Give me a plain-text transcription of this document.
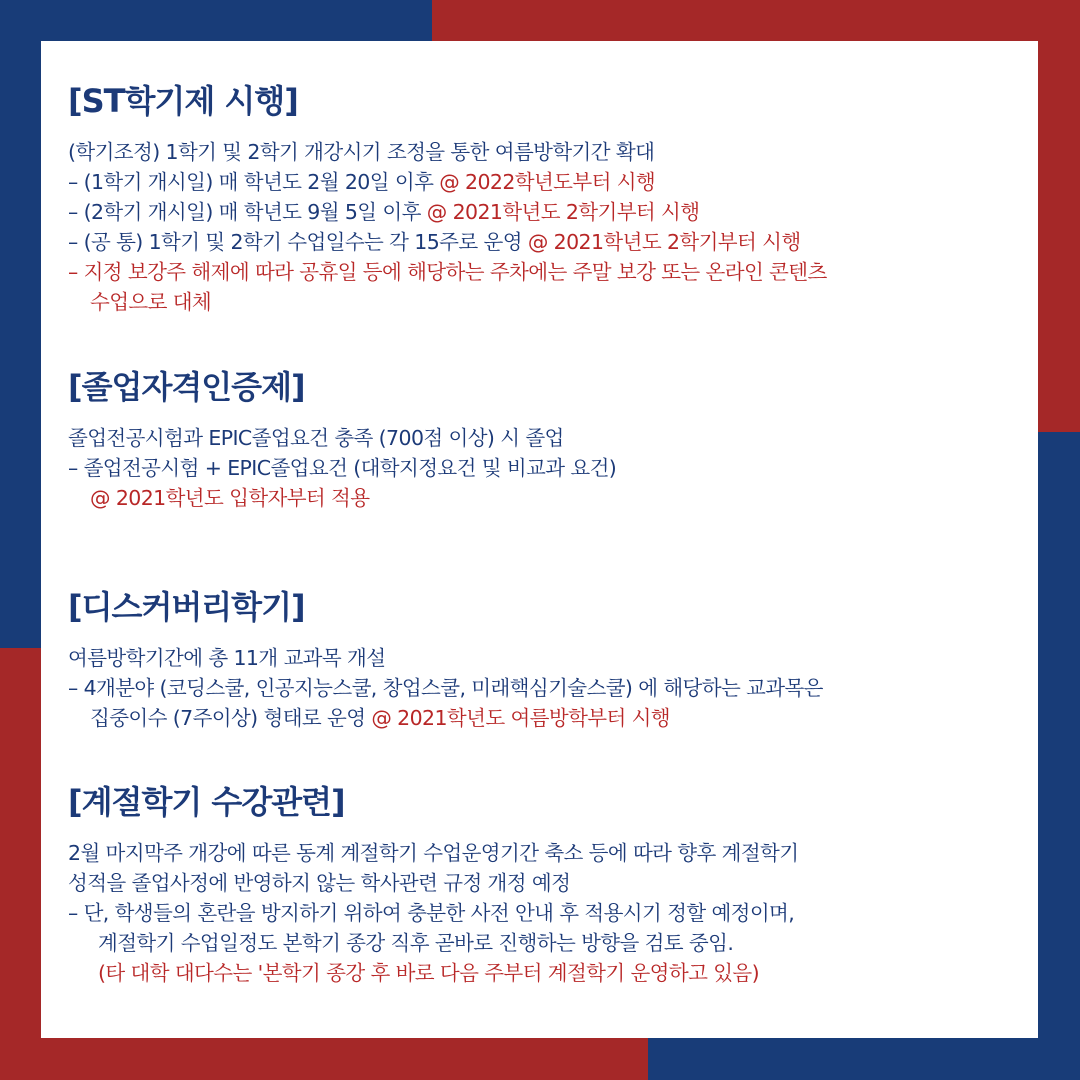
[ST학기제 시행]
(학기조정) 1학기 및 2학기 개강시기 조정을 통한 여름방학기간 확대
– (1학기 개시일) 매 학년도 2월 20일 이후 @ 2022학년도부터 시행
– (2학기 개시일) 매 학년도 9월 5일 이후 @ 2021학년도 2학기부터 시행
– (공 통) 1학기 및 2학기 수업일수는 각 15주로 운영 @ 2021학년도 2학기부터 시행
– 지정 보강주 해제에 따라 공휴일 등에 해당하는 주차에는 주말 보강 또는 온라인 콘텐츠
수업으로 대체
[졸업자격인증제]
졸업전공시험과 EPIC졸업요건 충족 (700점 이상) 시 졸업
– 졸업전공시험 + EPIC졸업요건 (대학지정요건 및 비교과 요건)
@ 2021학년도 입학자부터 적용
[디스커버리학기]
여름방학기간에 총 11개 교과목 개설
– 4개분야 (코딩스쿨, 인공지능스쿨, 창업스쿨, 미래핵심기술스쿨) 에 해당하는 교과목은
집중이수 (7주이상) 형태로 운영 @ 2021학년도 여름방학부터 시행
[계절학기 수강관련]
2월 마지막주 개강에 따른 동계 계절학기 수업운영기간 축소 등에 따라 향후 계절학기
성적을 졸업사정에 반영하지 않는 학사관련 규정 개정 예정
– 단, 학생들의 혼란을 방지하기 위하여 충분한 사전 안내 후 적용시기 정할 예정이며,
계절학기 수업일정도 본학기 종강 직후 곧바로 진행하는 방향을 검토 중임.
(타 대학 대다수는 '본학기 종강 후 바로 다음 주부터 계절학기 운영하고 있음)
